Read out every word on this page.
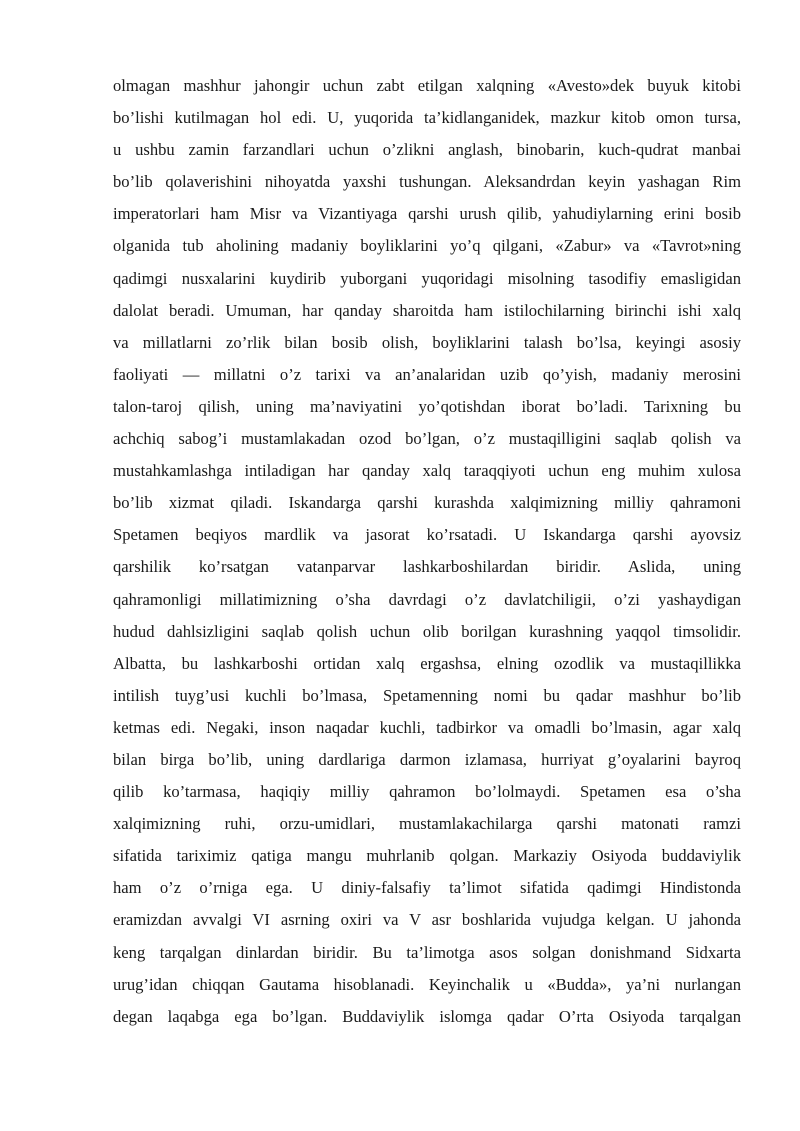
olmagan mashhur jahongir uchun zabt etilgan xalqning «Avesto»dek buyuk kitobi
bo’lishi kutilmagan hol edi. U, yuqorida ta’kidlanganidek, mazkur kitob omon tursa,
u ushbu zamin farzandlari uchun o’zlikni anglash, binobarin, kuch-qudrat manbai
bo’lib qolaverishini nihoyatda yaxshi tushungan. Aleksandrdan keyin yashagan Rim
imperatorlari ham Misr va Vizantiyaga qarshi urush qilib, yahudiylarning erini bosib
olganida tub aholining madaniy boyliklarini yo’q qilgani, «Zabur» va «Tavrot»ning
qadimgi nusxalarini kuydirib yuborgani yuqoridagi misolning tasodifiy emasligidan
dalolat beradi. Umuman, har qanday sharoitda ham istilochilarning birinchi ishi xalq
va millatlarni zo’rlik bilan bosib olish, boyliklarini talash bo’lsa, keyingi asosiy
faoliyati — millatni o’z tarixi va an’analaridan uzib qo’yish, madaniy merosini
talon-taroj qilish, uning ma’naviyatini yo’qotishdan iborat bo’ladi. Tarixning bu
achchiq sabog’i mustamlakadan ozod bo’lgan, o’z mustaqilligini saqlab qolish va
mustahkamlashga intiladigan har qanday xalq taraqqiyoti uchun eng muhim xulosa
bo’lib xizmat qiladi. Iskandarga qarshi kurashda xalqimizning milliy qahramoni
Spetamen beqiyos mardlik va jasorat ko’rsatadi. U Iskandarga qarshi ayovsiz
qarshilik ko’rsatgan vatanparvar lashkarboshilardan biridir. Aslida, uning
qahramonligi millatimizning o’sha davrdagi o’z davlatchiligii, o’zi yashaydigan
hudud dahlsizligini saqlab qolish uchun olib borilgan kurashning yaqqol timsolidir.
Albatta, bu lashkarboshi ortidan xalq ergashsa, elning ozodlik va mustaqillikka
intilish tuyg’usi kuchli bo’lmasa, Spetamenning nomi bu qadar mashhur bo’lib
ketmas edi. Negaki, inson naqadar kuchli, tadbirkor va omadli bo’lmasin, agar xalq
bilan birga bo’lib, uning dardlariga darmon izlamasa, hurriyat g’oyalarini bayroq
qilib ko’tarmasa, haqiqiy milliy qahramon bo’lolmaydi. Spetamen esa o’sha
xalqimizning ruhi, orzu-umidlari, mustamlakachilarga qarshi matonati ramzi
sifatida tariximiz qatiga mangu muhrlanib qolgan. Markaziy Osiyoda buddaviylik
ham o’z o’rniga ega. U diniy-falsafiy ta’limot sifatida qadimgi Hindistonda
eramizdan avvalgi VI asrning oxiri va V asr boshlarida vujudga kelgan. U jahonda
keng tarqalgan dinlardan biridir. Bu ta’limotga asos solgan donishmand Sidxarta
urug’idan chiqqan Gautama hisoblanadi. Keyinchalik u «Budda», ya’ni nurlangan
degan laqabga ega bo’lgan. Buddaviylik islomga qadar O’rta Osiyoda tarqalgan
